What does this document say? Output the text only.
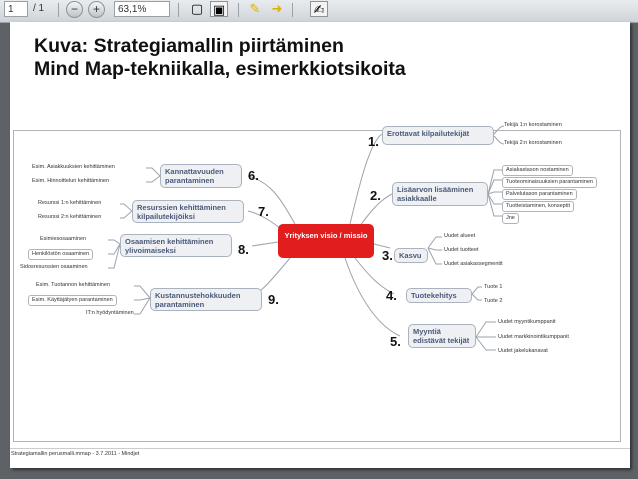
1	/ 1	−	+	63,1%	▢ ▣ ✎ ➜ ✍
Kuva: Strategiamallin piirtäminen
Mind Map-tekniikalla, esimerkkiotsikoita
Yrityksen visio / missio
1.
Erottavat kilpailutekijät
Tekijä 1:n korostaminen
Tekijä 2:n korostaminen
2.	Lisäarvon lisääminen asiakkaalle
Asiakastason nostaminen
Tuoteominaisuuksien parantaminen
Palvelutason parantaminen
Tuotteistaminen, konseptit
Jne
3. Kasvu
Uudet alueet
Uudet tuotteet
Uudet asiakassegmentit
4.	Tuotekehitys
Tuote 1
Tuote 2
5.
Myyntiä edistävät tekijät
Uudet myyntikumppanit
Uudet markkinointikumppanit
Uudet jakelukanavat
6.
Kannattavuuden parantaminen
Esim. Asiakkuuksien kehittäminen
Esim. Hinnoittelun kehittäminen
7.
Resurssien kehittäminen kilpailutekijöiksi
Resurssi 1:n kehittäminen
Resurssi 2:n kehittäminen
8.
Osaamisen kehittäminen ylivoimaiseksi
Esimiesosaaminen
Henkilöstön osaaminen
Sidosresurssien osaaminen
9.
Kustannustehokkuuden parantaminen
Esim. Tuotannon kehittäminen
Esim. Käyttäjätyen parantaminen
IT:n hyödyntäminen
Strategiamallin perusmalli.mmap - 3.7.2011 - Mindjet
